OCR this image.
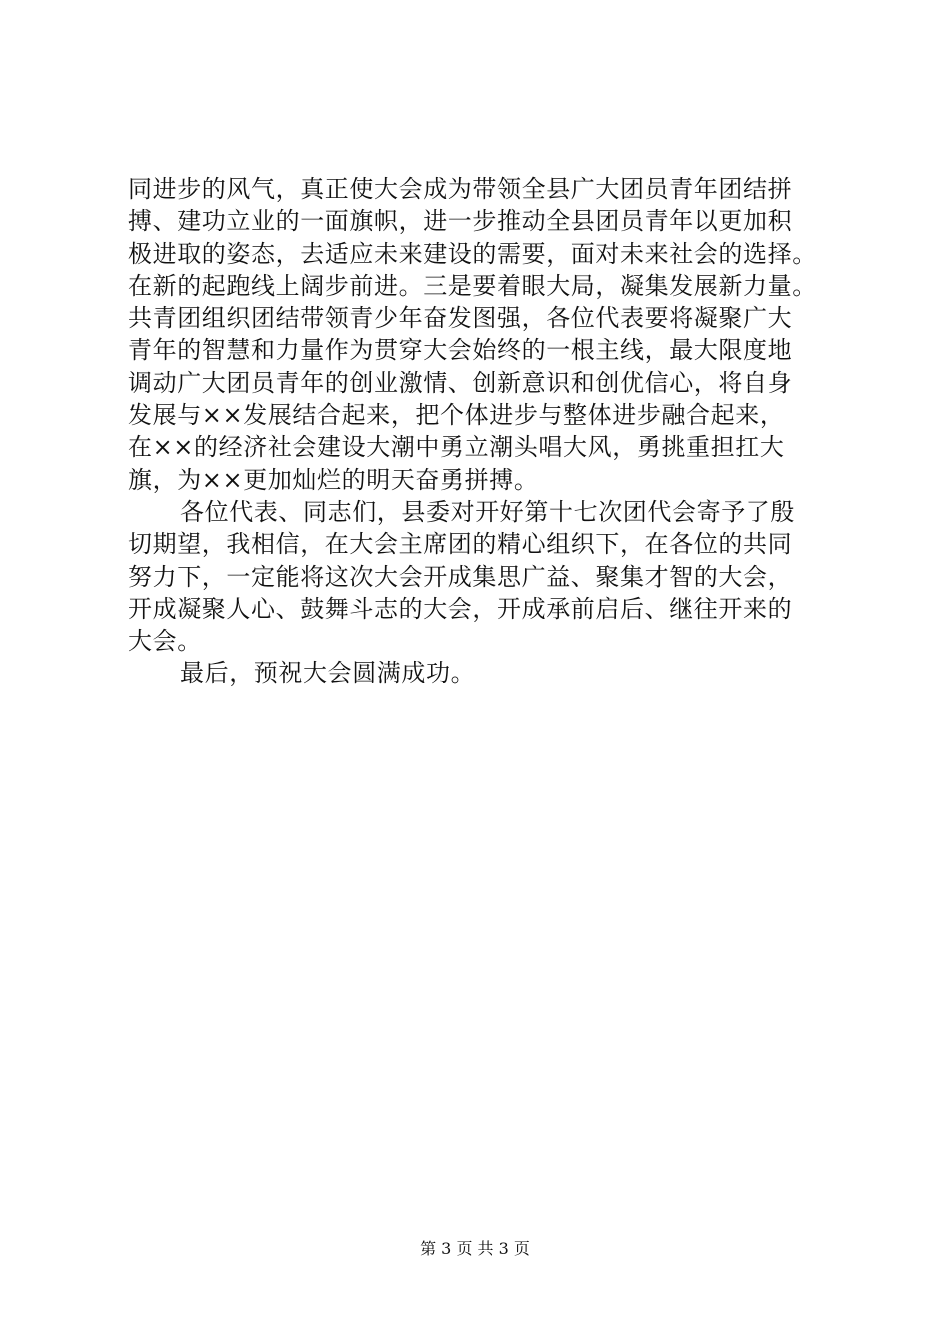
同进步的风气，真正使大会成为带领全县广大团员青年团结拼
搏、建功立业的一面旗帜，进一步推动全县团员青年以更加积
极进取的姿态，去适应未来建设的需要，面对未来社会的选择。
在新的起跑线上阔步前进。三是要着眼大局，凝集发展新力量。
共青团组织团结带领青少年奋发图强，各位代表要将凝聚广大
青年的智慧和力量作为贯穿大会始终的一根主线，最大限度地
调动广大团员青年的创业激情、创新意识和创优信心，将自身
发展与××发展结合起来，把个体进步与整体进步融合起来，
在××的经济社会建设大潮中勇立潮头唱大风，勇挑重担扛大
旗，为××更加灿烂的明天奋勇拼搏。
各位代表、同志们，县委对开好第十七次团代会寄予了殷
切期望，我相信，在大会主席团的精心组织下，在各位的共同
努力下，一定能将这次大会开成集思广益、聚集才智的大会，
开成凝聚人心、鼓舞斗志的大会，开成承前启后、继往开来的
大会。
最后，预祝大会圆满成功。
第 3 页 共 3 页
